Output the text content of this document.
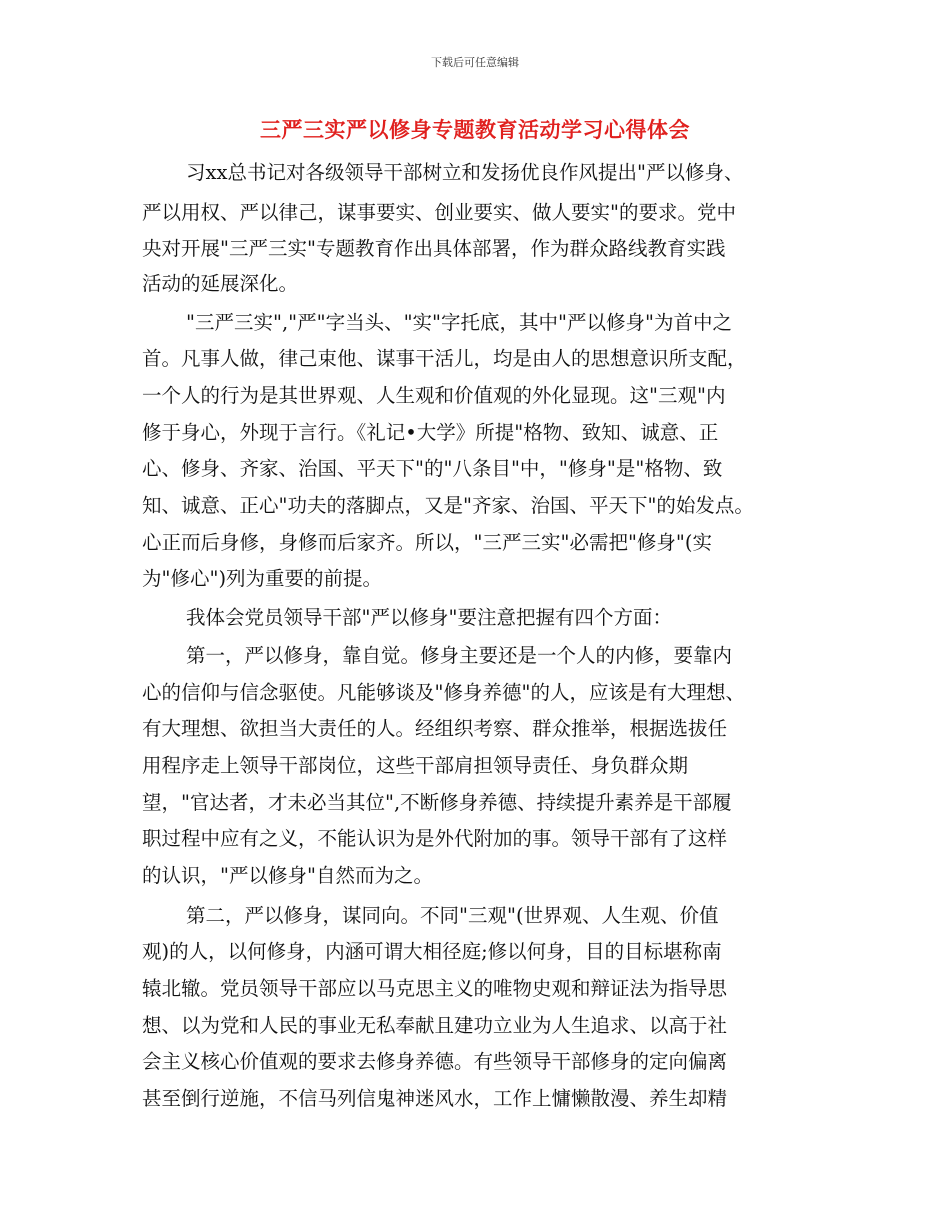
下载后可任意编辑
三严三实严以修身专题教育活动学习心得体会
习xx总书记对各级领导干部树立和发扬优良作风提出"严以修身、
严以用权、严以律己，谋事要实、创业要实、做人要实"的要求。党中
央对开展"三严三实"专题教育作出具体部署，作为群众路线教育实践
活动的延展深化。
"三严三实","严"字当头、"实"字托底，其中"严以修身"为首中之
首。凡事人做，律己束他、谋事干活儿，均是由人的思想意识所支配，
一个人的行为是其世界观、人生观和价值观的外化显现。这"三观"内
修于身心，外现于言行。《礼记•大学》所提"格物、致知、诚意、正
心、修身、齐家、治国、平天下"的"八条目"中，"修身"是"格物、致
知、诚意、正心"功夫的落脚点，又是"齐家、治国、平天下"的始发点。
心正而后身修，身修而后家齐。所以，"三严三实"必需把"修身"(实
为"修心")列为重要的前提。
我体会党员领导干部"严以修身"要注意把握有四个方面：
第一，严以修身，靠自觉。修身主要还是一个人的内修，要靠内
心的信仰与信念驱使。凡能够谈及"修身养德"的人，应该是有大理想、
有大理想、欲担当大责任的人。经组织考察、群众推举，根据选拔任
用程序走上领导干部岗位，这些干部肩担领导责任、身负群众期
望，"官达者，才未必当其位",不断修身养德、持续提升素养是干部履
职过程中应有之义，不能认识为是外代附加的事。领导干部有了这样
的认识，"严以修身"自然而为之。
第二，严以修身，谋同向。不同"三观"(世界观、人生观、价值
观)的人，以何修身，内涵可谓大相径庭;修以何身，目的目标堪称南
辕北辙。党员领导干部应以马克思主义的唯物史观和辩证法为指导思
想、以为党和人民的事业无私奉献且建功立业为人生追求、以高于社
会主义核心价值观的要求去修身养德。有些领导干部修身的定向偏离
甚至倒行逆施，不信马列信鬼神迷风水，工作上慵懒散漫、养生却精
